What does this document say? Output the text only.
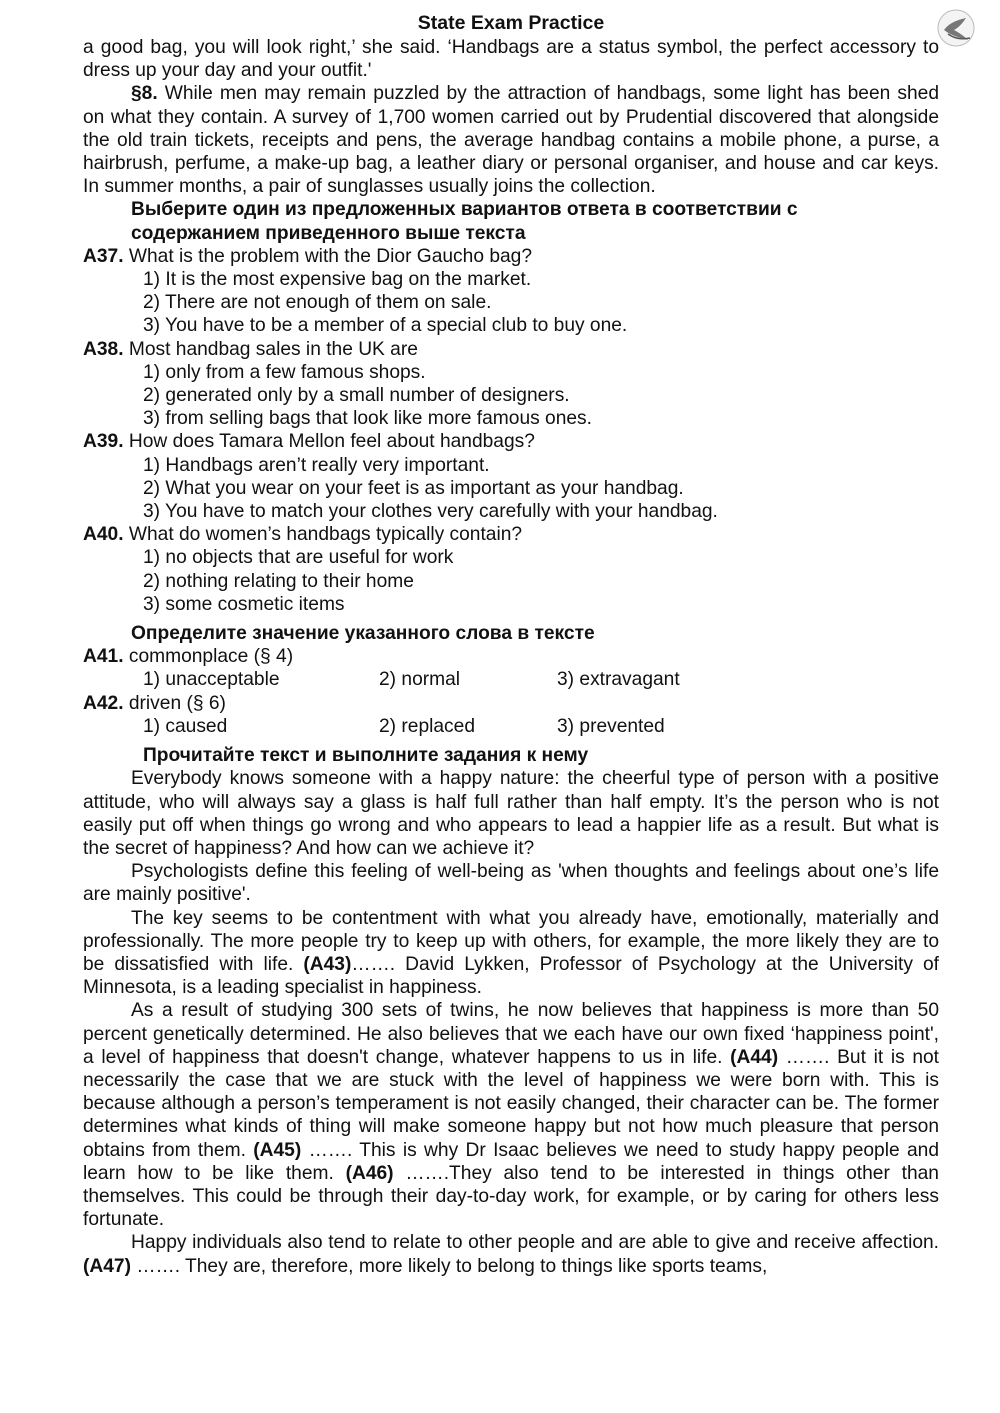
State Exam Practice

a good bag, you will look right,’ she said. ‘Handbags are a status symbol, the perfect accessory to dress up your day and your outfit.'

§8. While men may remain puzzled by the attraction of handbags, some light has been shed on what they contain. A survey of 1,700 women carried out by Prudential discovered that alongside the old train tickets, receipts and pens, the average handbag contains a mobile phone, a purse, a hairbrush, perfume, a make-up bag, a leather diary or personal organiser, and house and car keys. In summer months, a pair of sunglasses usually joins the collection.

Выберите один из предложенных вариантов ответа в соответствии с
содержанием приведенного выше текста

A37. What is the problem with the Dior Gaucho bag?

1) It is the most expensive bag on the market.

2) There are not enough of them on sale.

3) You have to be a member of a special club to buy one.

A38. Most handbag sales in the UK are

1) only from a few famous shops.

2) generated only by a small number of designers.

3) from selling bags that look like more famous ones.

A39. How does Tamara Mellon feel about handbags?

1) Handbags aren’t really very important.

2) What you wear on your feet is as important as your handbag.

3) You have to match your clothes very carefully with your handbag.

A40. What do women’s handbags typically contain?

1) no objects that are useful for work

2) nothing relating to their home

3) some cosmetic items

Определите значение указанного слова в тексте

A41. commonplace (§ 4)

1) unacceptable	2) normal	3) extravagant

A42. driven (§ 6)

1) caused	2) replaced	3) prevented

Прочитайте текст и выполните задания к нему

Everybody knows someone with a happy nature: the cheerful type of person with a positive attitude, who will always say a glass is half full rather than half empty. It’s the person who is not easily put off when things go wrong and who appears to lead a happier life as a result. But what is the secret of happiness? And how can we achieve it?

Psychologists define this feeling of well-being as 'when thoughts and feelings about one’s life are mainly positive'.

The key seems to be contentment with what you already have, emotionally, materially and professionally. The more people try to keep up with others, for example, the more likely they are to be dissatisfied with life. (A43)……. David Lykken, Professor of Psychology at the University of Minnesota, is a leading specialist in happiness.

As a result of studying 300 sets of twins, he now believes that happiness is more than 50 percent genetically determined. He also believes that we each have our own fixed ‘happiness point', a level of happiness that doesn't change, whatever happens to us in life. (A44) ……. But it is not necessarily the case that we are stuck with the level of happiness we were born with. This is because although a person’s temperament is not easily changed, their character can be. The former determines what kinds of thing will make someone happy but not how much pleasure that person obtains from them. (A45) ……. This is why Dr Isaac believes we need to study happy people and learn how to be like them. (A46) …….They also tend to be interested in things other than themselves. This could be through their day-to-day work, for example, or by caring for others less fortunate.

Happy individuals also tend to relate to other people and are able to give and receive affection. (A47) ……. They are, therefore, more likely to belong to things like sports teams,
